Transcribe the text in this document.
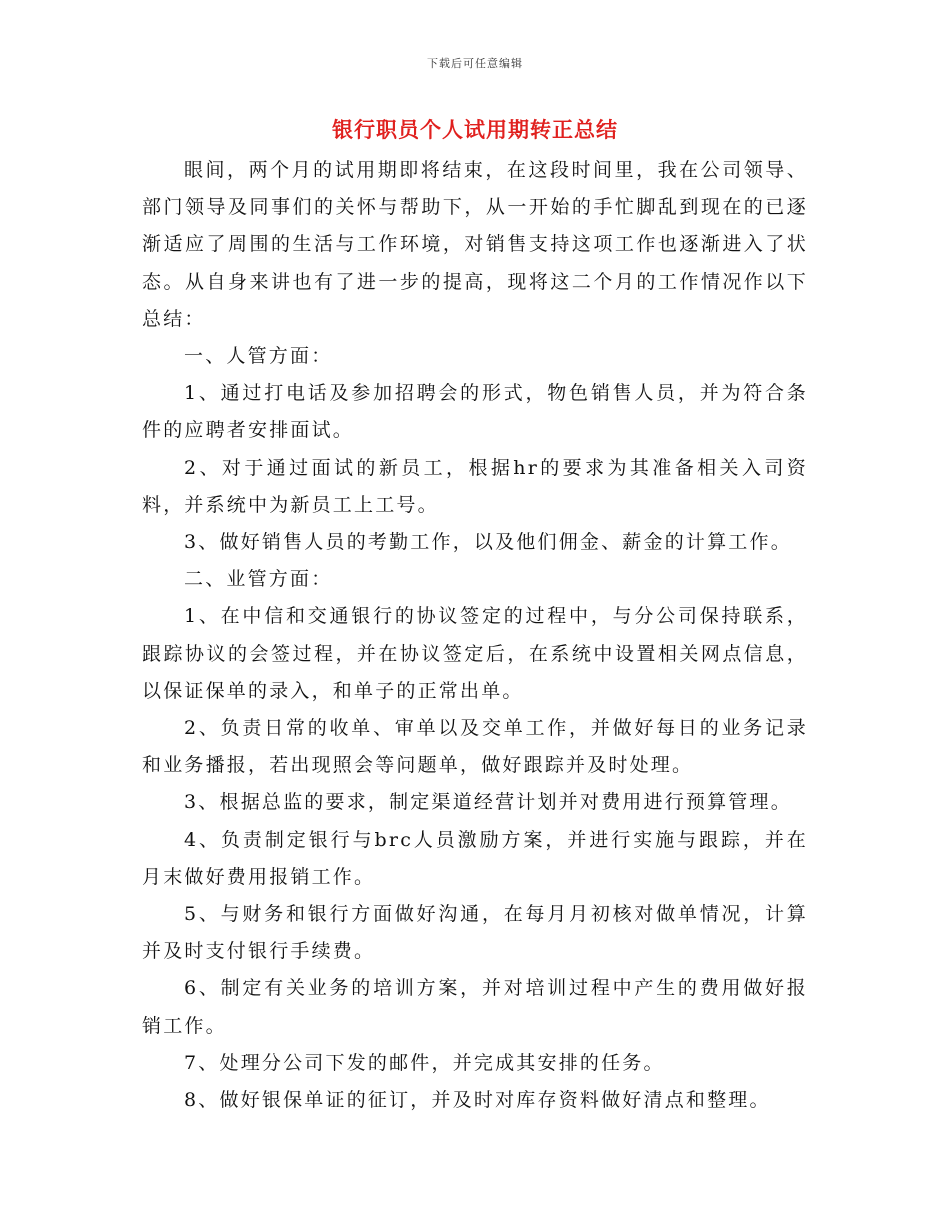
下载后可任意编辑
银行职员个人试用期转正总结

眼间，两个月的试用期即将结束，在这段时间里，我在公司领导、部门领导及同事们的关怀与帮助下，从一开始的手忙脚乱到现在的已逐渐适应了周围的生活与工作环境，对销售支持这项工作也逐渐进入了状态。从自身来讲也有了进一步的提高，现将这二个月的工作情况作以下总结：

一、人管方面：

1、通过打电话及参加招聘会的形式，物色销售人员，并为符合条件的应聘者安排面试。

2、对于通过面试的新员工，根据hr的要求为其准备相关入司资料，并系统中为新员工上工号。

3、做好销售人员的考勤工作，以及他们佣金、薪金的计算工作。

二、业管方面：

1、在中信和交通银行的协议签定的过程中，与分公司保持联系，跟踪协议的会签过程，并在协议签定后，在系统中设置相关网点信息，以保证保单的录入，和单子的正常出单。

2、负责日常的收单、审单以及交单工作，并做好每日的业务记录和业务播报，若出现照会等问题单，做好跟踪并及时处理。

3、根据总监的要求，制定渠道经营计划并对费用进行预算管理。

4、负责制定银行与brc人员激励方案，并进行实施与跟踪，并在月末做好费用报销工作。

5、与财务和银行方面做好沟通，在每月月初核对做单情况，计算并及时支付银行手续费。

6、制定有关业务的培训方案，并对培训过程中产生的费用做好报销工作。

7、处理分公司下发的邮件，并完成其安排的任务。

8、做好银保单证的征订，并及时对库存资料做好清点和整理。
